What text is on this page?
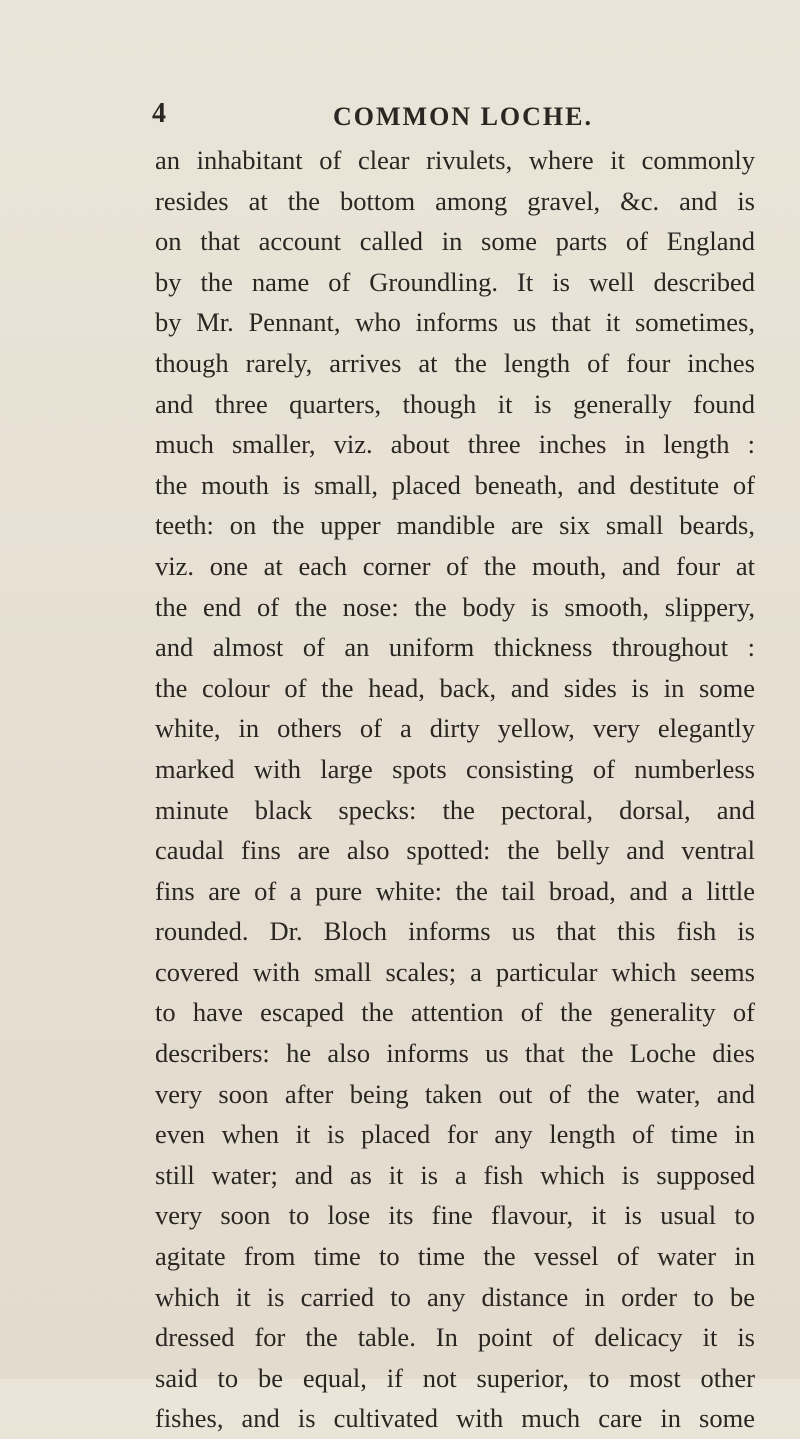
4	COMMON LOCHE.
an inhabitant of clear rivulets, where it commonly
resides at the bottom among gravel, &c. and is
on that account called in some parts of England
by the name of Groundling. It is well described
by Mr. Pennant, who informs us that it sometimes,
though rarely, arrives at the length of four inches
and three quarters, though it is generally found
much smaller, viz. about three inches in length :
the mouth is small, placed beneath, and destitute of
teeth: on the upper mandible are six small beards,
viz. one at each corner of the mouth, and four at
the end of the nose: the body is smooth, slippery,
and almost of an uniform thickness throughout :
the colour of the head, back, and sides is in some
white, in others of a dirty yellow, very elegantly
marked with large spots consisting of numberless
minute black specks: the pectoral, dorsal, and
caudal fins are also spotted: the belly and ventral
fins are of a pure white: the tail broad, and a little
rounded. Dr. Bloch informs us that this fish is
covered with small scales; a particular which seems
to have escaped the attention of the generality of
describers: he also informs us that the Loche dies
very soon after being taken out of the water, and
even when it is placed for any length of time in
still water; and as it is a fish which is supposed
very soon to lose its fine flavour, it is usual to
agitate from time to time the vessel of water in
which it is carried to any distance in order to be
dressed for the table. In point of delicacy it is
said to be equal, if not superior, to most other
fishes, and is cultivated with much care in some
